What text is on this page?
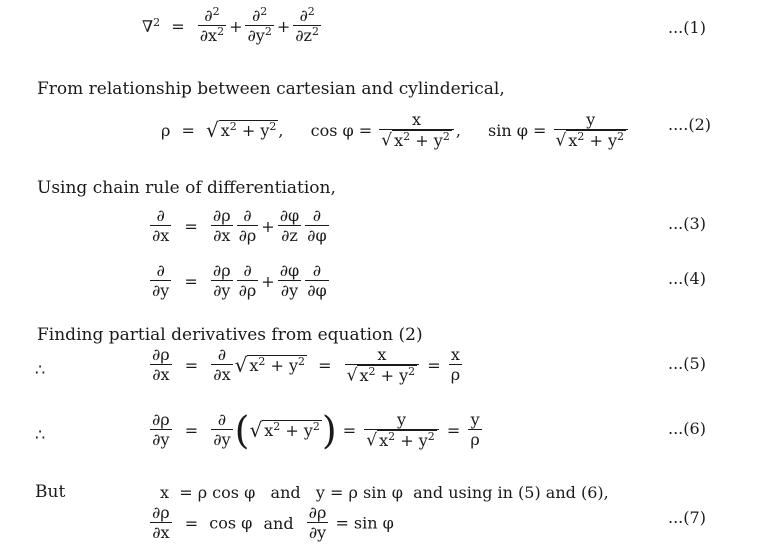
$\nabla^2 = \frac{\partial^2}{\partial x^2} + \frac{\partial^2}{\partial y^2} + \frac{\partial^2}{\partial z^2}$	...(1)
From relationship between cartesian and cylinderical,
ρ = √ $x^2 + y^2$ , $\cos \varphi = \frac{x}{√ x^2 + y^2}$ , $\sin \varphi = \frac{y}{√ x^2 + y^2} ....(2)$
Using chain rule of differentiation,
$\frac{\partial}{\partial x} = \frac{\partial\rho}{\partial x} \frac{\partial}{\partial\rho} + \frac{\partial\varphi}{\partial z} \frac{\partial}{\partial\varphi}$	...(3)
$\frac{\partial}{\partial y} = \frac{\partial\rho}{\partial y} \frac{\partial}{\partial\rho} + \frac{\partial\varphi}{\partial y} \frac{\partial}{\partial\varphi}$	...(4)
Finding partial derivatives from equation (2)
∴	$\frac{\partial\rho}{\partial x} = \frac{\partial}{\partial x}$ √ $x^2 + y^2 = \frac{x}{√ x^2 + y^2} = \frac{x}{\rho}$	...(5)
∴	$\frac{\partial\rho}{\partial y} = \frac{\partial}{\partial y}$ (√ $x^2 + y^2) = \frac{y}{√ x^2 + y^2} = \frac{y}{\rho}$	...(6)
But	x  = ρ cos φ   and   y = ρ sin φ  and using in (5) and (6),
$\frac{\partial\rho}{\partial x} = \cos \varphi$ and $\frac{\partial\rho}{\partial y} = \sin \varphi$	...(7)
